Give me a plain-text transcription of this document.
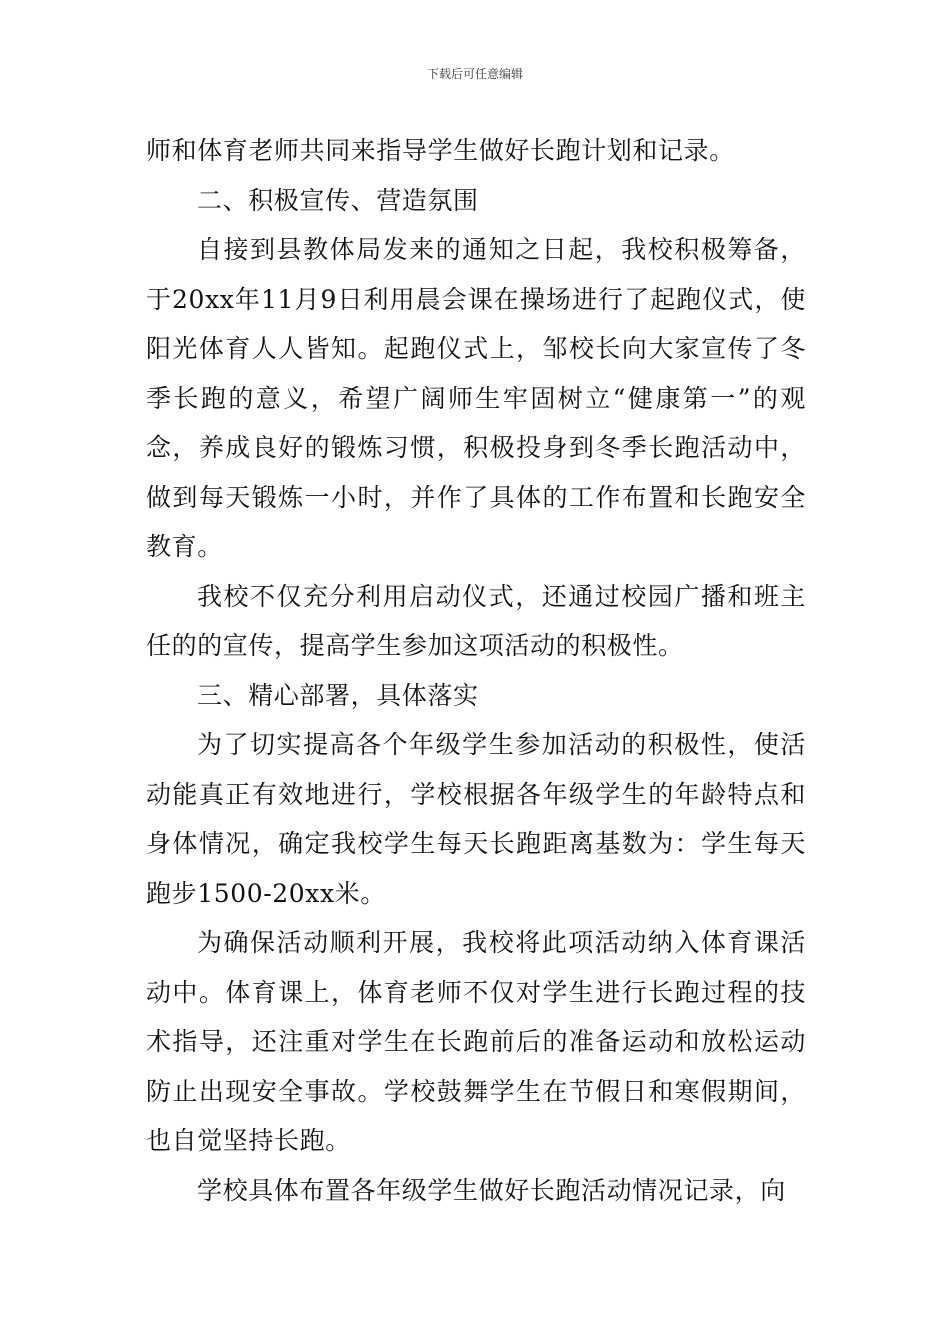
下载后可任意编辑

师和体育老师共同来指导学生做好长跑计划和记录。

二、积极宣传、营造氛围

自接到县教体局发来的通知之日起，我校积极筹备，于20xx年11月9日利用晨会课在操场进行了起跑仪式，使阳光体育人人皆知。起跑仪式上，邹校长向大家宣传了冬季长跑的意义，希望广阔师生牢固树立“健康第一”的观念，养成良好的锻炼习惯，积极投身到冬季长跑活动中，做到每天锻炼一小时，并作了具体的工作布置和长跑安全教育。

我校不仅充分利用启动仪式，还通过校园广播和班主任的的宣传，提高学生参加这项活动的积极性。

三、精心部署，具体落实

为了切实提高各个年级学生参加活动的积极性，使活动能真正有效地进行，学校根据各年级学生的年龄特点和身体情况，确定我校学生每天长跑距离基数为：学生每天跑步1500-20xx米。

为确保活动顺利开展，我校将此项活动纳入体育课活动中。体育课上，体育老师不仅对学生进行长跑过程的技术指导，还注重对学生在长跑前后的准备运动和放松运动防止出现安全事故。学校鼓舞学生在节假日和寒假期间，也自觉坚持长跑。

学校具体布置各年级学生做好长跑活动情况记录，向
